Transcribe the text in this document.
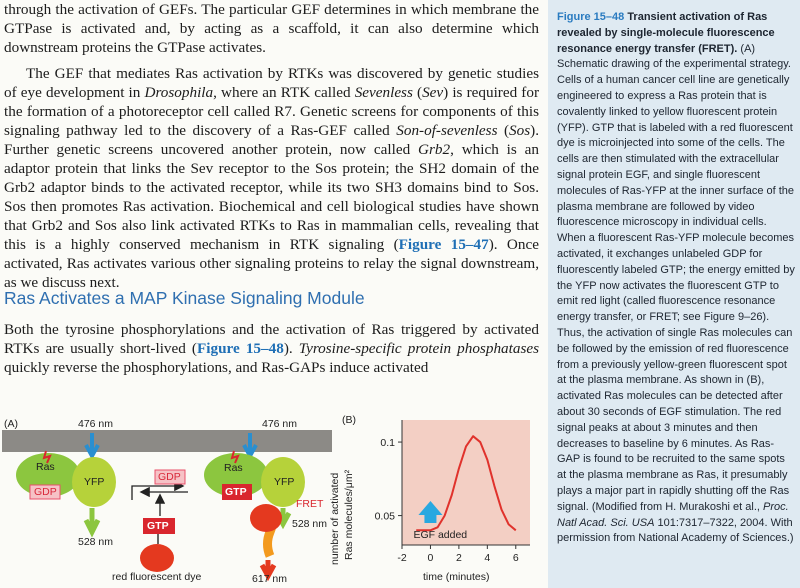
through the activation of GEFs. The particular GEF determines in which membrane the GTPase is activated and, by acting as a scaffold, it can also determine which downstream proteins the GTPase activates.

The GEF that mediates Ras activation by RTKs was discovered by genetic studies of eye development in Drosophila, where an RTK called Sevenless (Sev) is required for the formation of a photoreceptor cell called R7. Genetic screens for components of this signaling pathway led to the discovery of a Ras-GEF called Son-of-sevenless (Sos). Further genetic screens uncovered another protein, now called Grb2, which is an adaptor protein that links the Sev receptor to the Sos protein; the SH2 domain of the Grb2 adaptor binds to the activated receptor, while its two SH3 domains bind to Sos. Sos then promotes Ras activation. Biochemical and cell biological studies have shown that Grb2 and Sos also link activated RTKs to Ras in mammalian cells, revealing that this is a highly conserved mechanism in RTK signaling (Figure 15–47). Once activated, Ras activates various other signaling proteins to relay the signal downstream, as we discuss next.

Ras Activates a MAP Kinase Signaling Module

Both the tyrosine phosphorylations and the activation of Ras triggered by activated RTKs are usually short-lived (Figure 15–48). Tyrosine-specific protein phosphatases quickly reverse the phosphorylations, and Ras-GAPs induce activated

Figure 15–48 Transient activation of Ras revealed by single-molecule fluorescence resonance energy transfer (FRET). (A) Schematic drawing of the experimental strategy. Cells of a human cancer cell line are genetically engineered to express a Ras protein that is covalently linked to yellow fluorescent protein (YFP). GTP that is labeled with a red fluorescent dye is microinjected into some of the cells. The cells are then stimulated with the extracellular signal protein EGF, and single fluorescent molecules of Ras-YFP at the inner surface of the plasma membrane are followed by video fluorescence microscopy in individual cells. When a fluorescent Ras-YFP molecule becomes activated, it exchanges unlabeled GDP for fluorescently labeled GTP; the energy emitted by the YFP now activates the fluorescent GTP to emit red light (called fluorescence resonance energy transfer, or FRET; see Figure 9–26). Thus, the activation of single Ras molecules can be followed by the emission of red fluorescence from a previously yellow-green fluorescent spot at the plasma membrane. As shown in (B), activated Ras molecules can be detected after about 30 seconds of EGF stimulation. The red signal peaks at about 3 minutes and then decreases to baseline by 6 minutes. As Ras-GAP is found to be recruited to the same spots at the plasma membrane as Ras, it presumably plays a major part in rapidly shutting off the Ras signal. (Modified from H. Murakoshi et al., Proc. Natl Acad. Sci. USA 101:7317–7322, 2004. With permission from National Academy of Sciences.)
(A)	476 nm	476 nm
Ras
GDP
YFP
528 nm
GDP
GTP
red fluorescent dye
Ras
GTP
YFP
FRET
528 nm
617 nm
(B)
number of activated Ras molecules/μm²
time (minutes)
-2 0 2 4 6
0.05
0.1
EGF added
